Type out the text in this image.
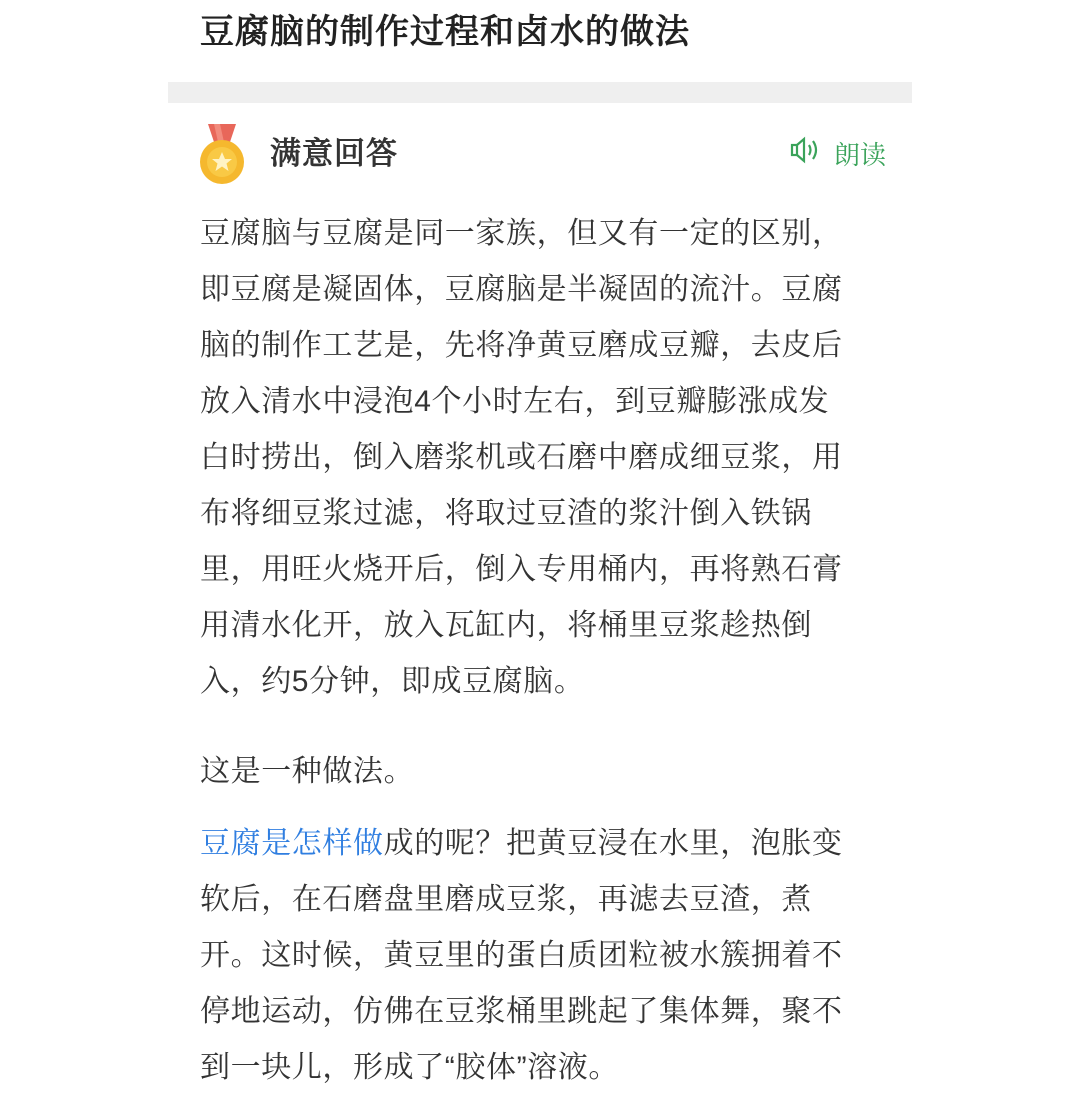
豆腐脑的制作过程和卤水的做法
满意回答	朗读
豆腐脑与豆腐是同一家族，但又有一定的区别，
即豆腐是凝固体，豆腐脑是半凝固的流汁。豆腐
脑的制作工艺是，先将净黄豆磨成豆瓣，去皮后
放入清水中浸泡4个小时左右，到豆瓣膨涨成发
白时捞出，倒入磨浆机或石磨中磨成细豆浆，用
布将细豆浆过滤，将取过豆渣的浆汁倒入铁锅
里，用旺火烧开后，倒入专用桶内，再将熟石膏
用清水化开，放入瓦缸内，将桶里豆浆趁热倒
入，约5分钟，即成豆腐脑。
这是一种做法。
豆腐是怎样做成的呢？把黄豆浸在水里，泡胀变
软后，在石磨盘里磨成豆浆，再滤去豆渣，煮
开。这时候，黄豆里的蛋白质团粒被水簇拥着不
停地运动，仿佛在豆浆桶里跳起了集体舞，聚不
到一块儿，形成了“胶体”溶液。
